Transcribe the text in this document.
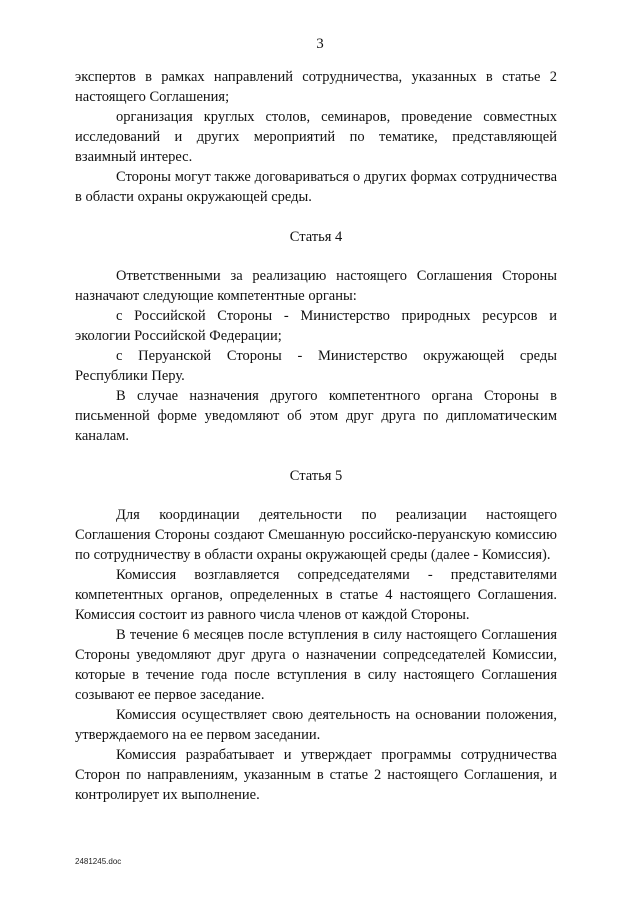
3

экспертов в рамках направлений сотрудничества, указанных в статье 2 настоящего Соглашения;

организация круглых столов, семинаров, проведение совместных исследований и других мероприятий по тематике, представляющей взаимный интерес.

Стороны могут также договариваться о других формах сотрудничества в области охраны окружающей среды.

Статья 4

Ответственными за реализацию настоящего Соглашения Стороны назначают следующие компетентные органы:

с Российской Стороны - Министерство природных ресурсов и экологии Российской Федерации;

с Перуанской Стороны - Министерство окружающей среды Республики Перу.

В случае назначения другого компетентного органа Стороны в письменной форме уведомляют об этом друг друга по дипломатическим каналам.

Статья 5

Для координации деятельности по реализации настоящего Соглашения Стороны создают Смешанную российско-перуанскую комиссию по сотрудничеству в области охраны окружающей среды (далее - Комиссия).

Комиссия возглавляется сопредседателями - представителями компетентных органов, определенных в статье 4 настоящего Соглашения. Комиссия состоит из равного числа членов от каждой Стороны.

В течение 6 месяцев после вступления в силу настоящего Соглашения Стороны уведомляют друг друга о назначении сопредседателей Комиссии, которые в течение года после вступления в силу настоящего Соглашения созывают ее первое заседание.

Комиссия осуществляет свою деятельность на основании положения, утверждаемого на ее первом заседании.

Комиссия разрабатывает и утверждает программы сотрудничества Сторон по направлениям, указанным в статье 2 настоящего Соглашения, и контролирует их выполнение.

2481245.doc
